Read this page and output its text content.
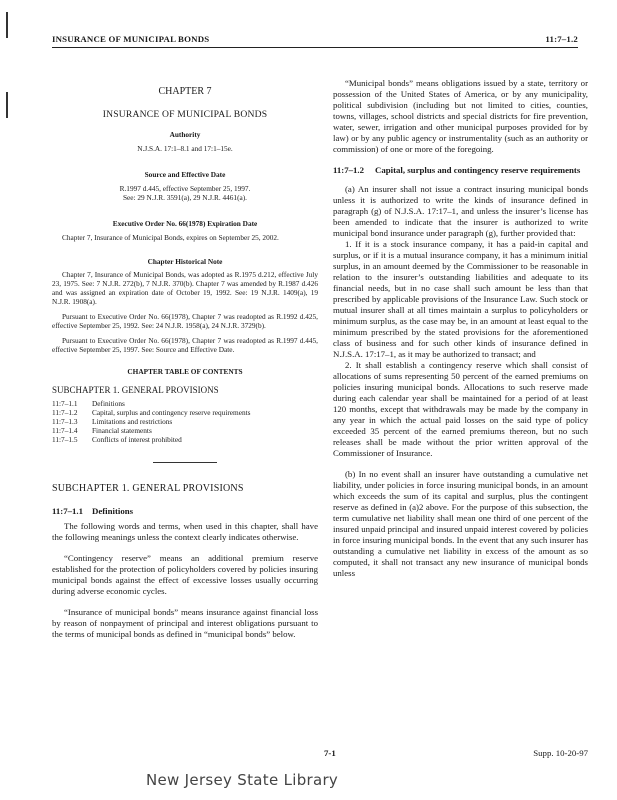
INSURANCE OF MUNICIPAL BONDS	11:7–1.2
CHAPTER 7
INSURANCE OF MUNICIPAL BONDS
Authority
N.J.S.A. 17:1–8.1 and 17:1–15e.
Source and Effective Date
R.1997 d.445, effective September 25, 1997.
See: 29 N.J.R. 3591(a), 29 N.J.R. 4461(a).
Executive Order No. 66(1978) Expiration Date
Chapter 7, Insurance of Municipal Bonds, expires on September 25, 2002.
Chapter Historical Note

Chapter 7, Insurance of Municipal Bonds, was adopted as R.1975 d.212, effective July 23, 1975. See: 7 N.J.R. 272(b), 7 N.J.R. 370(b). Chapter 7 was amended by R.1987 d.426 and was assigned an expiration date of October 19, 1992. See: 19 N.J.R. 1409(a), 19 N.J.R. 1908(a).

Pursuant to Executive Order No. 66(1978), Chapter 7 was readopted as R.1992 d.425, effective September 25, 1992. See: 24 N.J.R. 1958(a), 24 N.J.R. 3729(b).

Pursuant to Executive Order No. 66(1978), Chapter 7 was readopted as R.1997 d.445, effective September 25, 1997. See: Source and Effective Date.

CHAPTER TABLE OF CONTENTS
SUBCHAPTER 1. GENERAL PROVISIONS
11:7–1.1	Definitions
11:7–1.2	Capital, surplus and contingency reserve requirements
11:7–1.3	Limitations and restrictions
11:7–1.4	Financial statements
11:7–1.5	Conflicts of interest prohibited
SUBCHAPTER 1. GENERAL PROVISIONS
11:7–1.1 Definitions

The following words and terms, when used in this chapter, shall have the following meanings unless the context clearly indicates otherwise.

“Contingency reserve” means an additional premium reserve established for the protection of policyholders covered by policies insuring municipal bonds against the effect of excessive losses usually occurring during adverse economic cycles.

“Insurance of municipal bonds” means insurance against financial loss by reason of nonpayment of principal and interest obligations pursuant to the terms of municipal bonds as defined in “municipal bonds” below.

“Municipal bonds” means obligations issued by a state, territory or possession of the United States of America, or by any municipality, political subdivision (including but not limited to cities, counties, towns, villages, school districts and special districts for fire prevention, water, sewer, irrigation and other municipal purposes provided for by law) or by any public agency or instrumentality (such as an authority or commission) of one or more of the foregoing.

11:7–1.2 Capital, surplus and contingency reserve requirements

(a) An insurer shall not issue a contract insuring municipal bonds unless it is authorized to write the kinds of insurance defined in paragraph (g) of N.J.S.A. 17:17–1, and unless the insurer’s license has been amended to indicate that the insurer is authorized to write municipal bond insurance under paragraph (g), further provided that:

1. If it is a stock insurance company, it has a paid-in capital and surplus, or if it is a mutual insurance company, it has a minimum initial surplus, in an amount deemed by the Commissioner to be reasonable in relation to the insurer’s outstanding liabilities and adequate to its financial needs, but in no case shall such amount be less than that prescribed by applicable provisions of the Insurance Law. Such stock or mutual insurer shall at all times maintain a surplus to policyholders or minimum surplus, as the case may be, in an amount at least equal to the minimum prescribed by the stated provisions for the aforementioned class of business and for such other kinds of insurance defined in N.J.S.A. 17:17–1, as it may be authorized to transact; and

2. It shall establish a contingency reserve which shall consist of allocations of sums representing 50 percent of the earned premiums on policies insuring municipal bonds. Allocations to such reserve made during each calendar year shall be maintained for a period of at least 120 months, except that withdrawals may be made by the company in any year in which the actual paid losses on the said type of policy exceeded 35 percent of the earned premiums thereon, but no such releases shall be made without the prior written approval of the Commissioner of Insurance.

(b) In no event shall an insurer have outstanding a cumulative net liability, under policies in force insuring municipal bonds, in an amount which exceeds the sum of its capital and surplus, plus the contingent reserve as defined in (a)2 above. For the purpose of this subsection, the term cumulative net liability shall mean one third of one percent of the insured unpaid principal and insured unpaid interest covered by policies in force insuring municipal bonds. In the event that any such insurer has outstanding a cumulative net liability in excess of the amount as so computed, it shall not transact any new insurance of municipal bonds unless

7-1	Supp. 10-20-97
New Jersey State Library
